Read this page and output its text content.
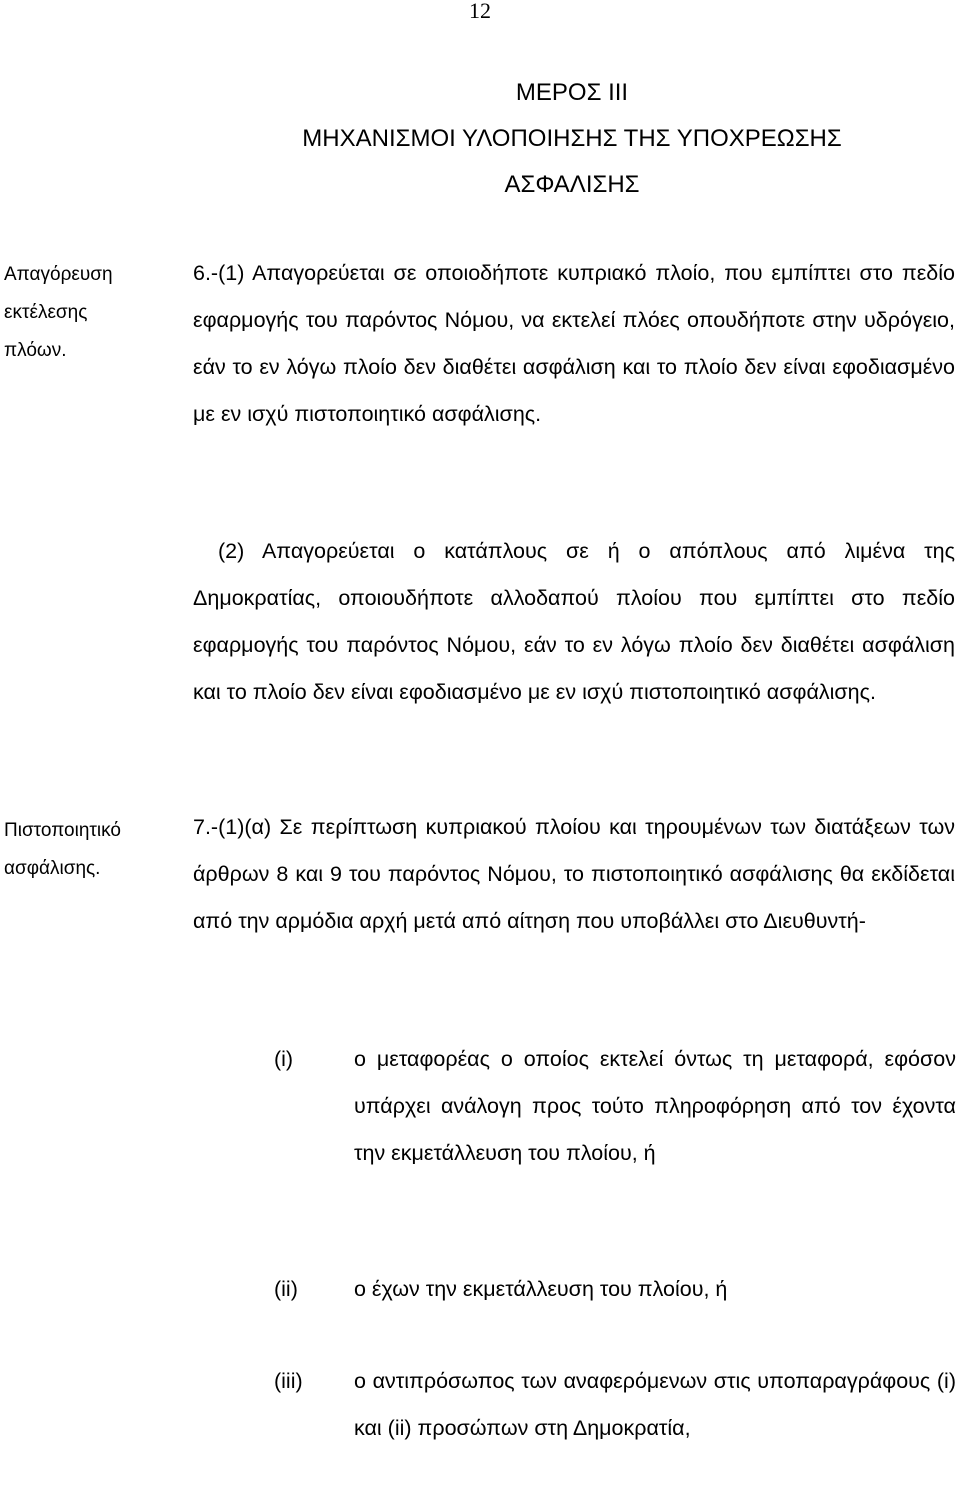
12
ΜΕΡΟΣ ΙΙΙ
ΜΗΧΑΝΙΣΜΟΙ ΥΛΟΠΟΙΗΣΗΣ ΤΗΣ ΥΠΟΧΡΕΩΣΗΣ
ΑΣΦΑΛΙΣΗΣ
Απαγόρευση εκτέλεσης πλόων.
6.-(1) Απαγορεύεται σε οποιοδήποτε κυπριακό πλοίο, που εμπίπτει στο πεδίο εφαρμογής του παρόντος Νόμου, να εκτελεί πλόες οπουδήποτε στην υδρόγειο, εάν το εν λόγω πλοίο δεν διαθέτει ασφάλιση και το πλοίο δεν είναι εφοδιασμένο με εν ισχύ πιστοποιητικό ασφάλισης.
(2) Απαγορεύεται ο κατάπλους σε ή ο απόπλους από λιμένα της Δημοκρατίας, οποιουδήποτε αλλοδαπού πλοίου που εμπίπτει στο πεδίο εφαρμογής του παρόντος Νόμου, εάν το εν λόγω πλοίο δεν διαθέτει ασφάλιση και το πλοίο δεν είναι εφοδιασμένο με εν ισχύ πιστοποιητικό ασφάλισης.
Πιστοποιητικό ασφάλισης.
7.-(1)(α) Σε περίπτωση κυπριακού πλοίου και τηρουμένων των διατάξεων των άρθρων 8 και 9 του παρόντος Νόμου, το πιστοποιητικό ασφάλισης θα εκδίδεται από την αρμόδια αρχή μετά από αίτηση που υποβάλλει στο Διευθυντή-
(i)	ο μεταφορέας ο οποίος εκτελεί όντως τη μεταφορά, εφόσον υπάρχει ανάλογη προς τούτο πληροφόρηση από τον έχοντα την εκμετάλλευση του πλοίου, ή
(ii)	ο έχων την εκμετάλλευση του πλοίου, ή
(iii) ο αντιπρόσωπος των αναφερόμενων στις υποπαραγράφους (i) και (ii) προσώπων στη Δημοκρατία,
